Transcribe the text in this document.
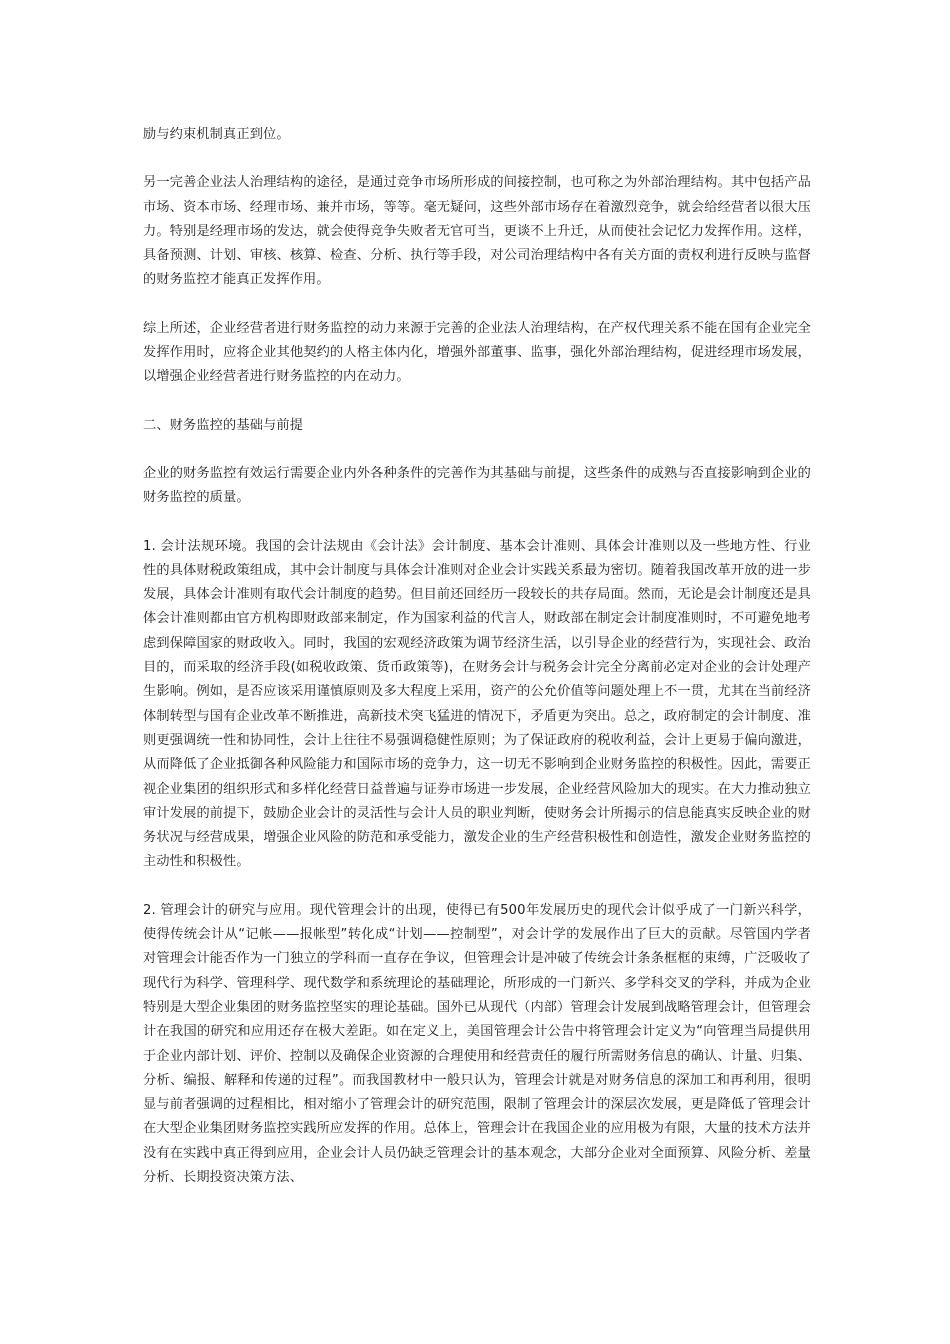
励与约束机制真正到位。

另一完善企业法人治理结构的途径，是通过竞争市场所形成的间接控制，也可称之为外部治理结构。其中包括产品市场、资本市场、经理市场、兼并市场，等等。毫无疑问，这些外部市场存在着激烈竞争，就会给经营者以很大压力。特别是经理市场的发达，就会使得竞争失败者无官可当，更谈不上升迁，从而使社会记忆力发挥作用。这样，具备预测、计划、审核、核算、检查、分析、执行等手段，对公司治理结构中各有关方面的责权利进行反映与监督的财务监控才能真正发挥作用。

综上所述，企业经营者进行财务监控的动力来源于完善的企业法人治理结构，在产权代理关系不能在国有企业完全发挥作用时，应将企业其他契约的人格主体内化，增强外部董事、监事，强化外部治理结构，促进经理市场发展，以增强企业经营者进行财务监控的内在动力。

二、财务监控的基础与前提

企业的财务监控有效运行需要企业内外各种条件的完善作为其基础与前提，这些条件的成熟与否直接影响到企业的财务监控的质量。

1. 会计法规环境。我国的会计法规由《会计法》会计制度、基本会计准则、具体会计准则以及一些地方性、行业性的具体财税政策组成，其中会计制度与具体会计准则对企业会计实践关系最为密切。随着我国改革开放的进一步发展，具体会计准则有取代会计制度的趋势。但目前还回经历一段较长的共存局面。然而，无论是会计制度还是具体会计准则都由官方机构即财政部来制定，作为国家利益的代言人，财政部在制定会计制度准则时，不可避免地考虑到保障国家的财政收入。同时，我国的宏观经济政策为调节经济生活，以引导企业的经营行为，实现社会、政治目的，而采取的经济手段(如税收政策、货币政策等)，在财务会计与税务会计完全分离前必定对企业的会计处理产生影响。例如，是否应该采用谨慎原则及多大程度上采用，资产的公允价值等问题处理上不一贯，尤其在当前经济体制转型与国有企业改革不断推进，高新技术突飞猛进的情况下，矛盾更为突出。总之，政府制定的会计制度、准则更强调统一性和协同性，会计上往往不易强调稳健性原则；为了保证政府的税收利益，会计上更易于偏向激进，从而降低了企业抵御各种风险能力和国际市场的竞争力，这一切无不影响到企业财务监控的积极性。因此，需要正视企业集团的组织形式和多样化经营日益普遍与证券市场进一步发展，企业经营风险加大的现实。在大力推动独立审计发展的前提下，鼓励企业会计的灵活性与会计人员的职业判断，使财务会计所揭示的信息能真实反映企业的财务状况与经营成果，增强企业风险的防范和承受能力，激发企业的生产经营积极性和创造性，激发企业财务监控的主动性和积极性。

2. 管理会计的研究与应用。现代管理会计的出现，使得已有500年发展历史的现代会计似乎成了一门新兴科学，使得传统会计从“记帐——报帐型”转化成“计划——控制型”，对会计学的发展作出了巨大的贡献。尽管国内学者对管理会计能否作为一门独立的学科而一直存在争议，但管理会计是冲破了传统会计条条框框的束缚，广泛吸收了现代行为科学、管理科学、现代数学和系统理论的基础理论，所形成的一门新兴、多学科交叉的学科，并成为企业特别是大型企业集团的财务监控坚实的理论基础。国外已从现代（内部）管理会计发展到战略管理会计，但管理会计在我国的研究和应用还存在极大差距。如在定义上，美国管理会计公告中将管理会计定义为“向管理当局提供用于企业内部计划、评价、控制以及确保企业资源的合理使用和经营责任的履行所需财务信息的确认、计量、归集、分析、编报、解释和传递的过程”。而我国教材中一般只认为，管理会计就是对财务信息的深加工和再利用，很明显与前者强调的过程相比，相对缩小了管理会计的研究范围，限制了管理会计的深层次发展，更是降低了管理会计在大型企业集团财务监控实践所应发挥的作用。总体上，管理会计在我国企业的应用极为有限，大量的技术方法并没有在实践中真正得到应用，企业会计人员仍缺乏管理会计的基本观念，大部分企业对全面预算、风险分析、差量分析、长期投资决策方法、
